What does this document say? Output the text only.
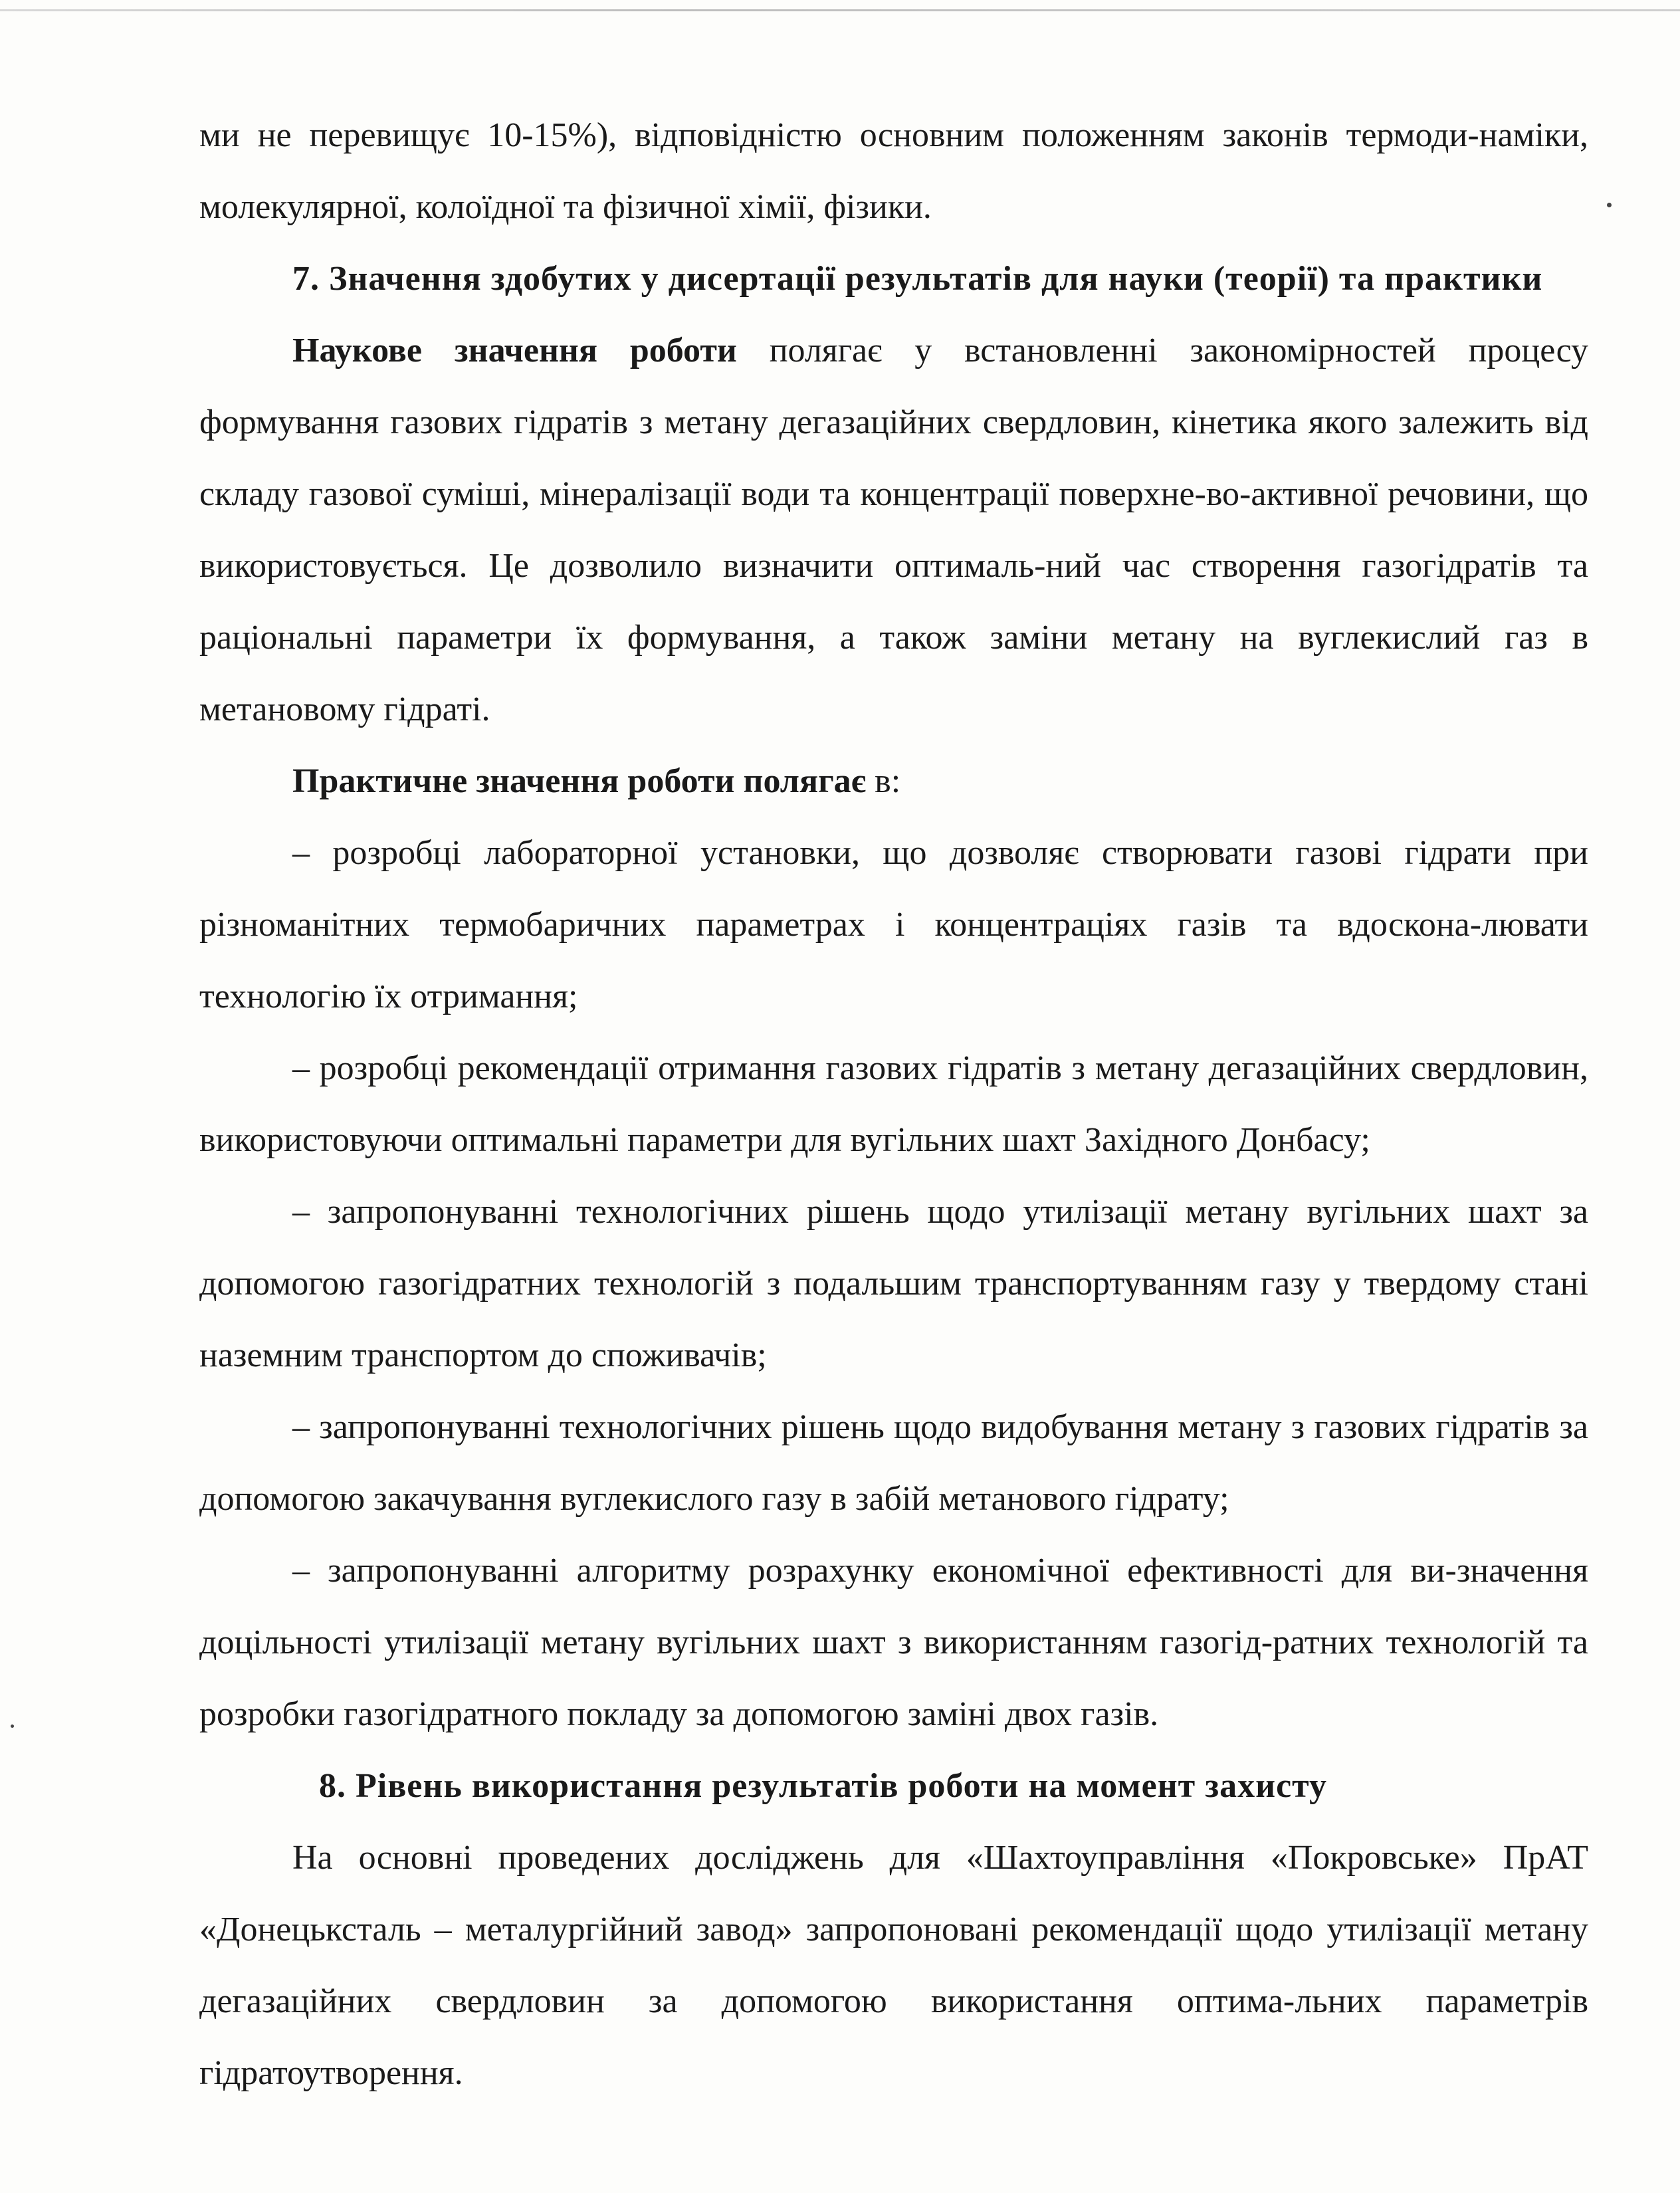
ми не перевищує 10-15%), відповідністю основним положенням законів термоди-наміки, молекулярної, колоїдної та фізичної хімії, фізики.

7. Значення здобутих у дисертації результатів для науки (теорії) та практики

Наукове значення роботи полягає у встановленні закономірностей процесу формування газових гідратів з метану дегазаційних свердловин, кінетика якого залежить від складу газової суміші, мінералізації води та концентрації поверхне-во-активної речовини, що використовується. Це дозволило визначити оптималь-ний час створення газогідратів та раціональні параметри їх формування, а також заміни метану на вуглекислий газ в метановому гідраті.

Практичне значення роботи полягає в:

– розробці лабораторної установки, що дозволяє створювати газові гідрати при різноманітних термобаричних параметрах і концентраціях газів та вдоскона-лювати технологію їх отримання;

– розробці рекомендації отримання газових гідратів з метану дегазаційних свердловин, використовуючи оптимальні параметри для вугільних шахт Західного Донбасу;

– запропонуванні технологічних рішень щодо утилізації метану вугільних шахт за допомогою газогідратних технологій з подальшим транспортуванням газу у твердому стані наземним транспортом до споживачів;

– запропонуванні технологічних рішень щодо видобування метану з газових гідратів за допомогою закачування вуглекислого газу в забій метанового гідрату;

– запропонуванні алгоритму розрахунку економічної ефективності для ви-значення доцільності утилізації метану вугільних шахт з використанням газогід-ратних технологій та розробки газогідратного покладу за допомогою заміні двох газів.

8. Рівень використання результатів роботи на момент захисту

На основні проведених досліджень для «Шахтоуправління «Покровське» ПрАТ «Донецьксталь – металургійний завод» запропоновані рекомендації щодо утилізації метану дегазаційних свердловин за допомогою використання оптима-льних параметрів гідратоутворення.
